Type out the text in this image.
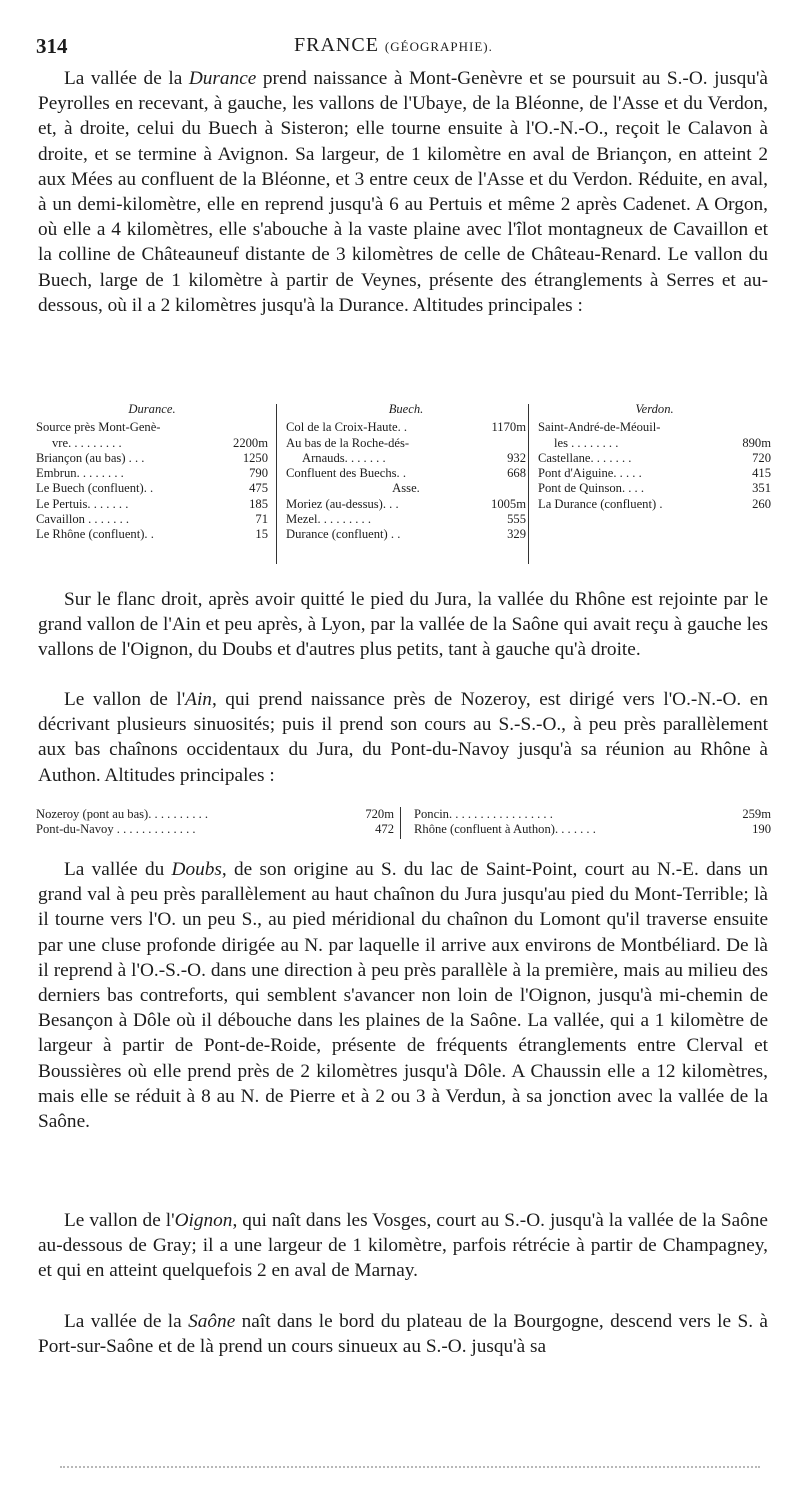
314	FRANCE (GÉOGRAPHIE).

La vallée de la Durance prend naissance à Mont-Genèvre et se poursuit au S.-O. jusqu'à Peyrolles en recevant, à gauche, les vallons de l'Ubaye, de la Bléonne, de l'Asse et du Verdon, et, à droite, celui du Buech à Sisteron; elle tourne ensuite à l'O.-N.-O., reçoit le Calavon à droite, et se termine à Avignon. Sa largeur, de 1 kilomètre en aval de Briançon, en atteint 2 aux Mées au confluent de la Bléonne, et 3 entre ceux de l'Asse et du Verdon. Réduite, en aval, à un demi-kilomètre, elle en reprend jusqu'à 6 au Pertuis et même 2 après Cadenet. A Orgon, où elle a 4 kilomètres, elle s'abouche à la vaste plaine avec l'îlot montagneux de Cavaillon et la colline de Châteauneuf distante de 3 kilomètres de celle de Château-Renard. Le vallon du Buech, large de 1 kilomètre à partir de Veynes, présente des étranglements à Serres et au-dessous, où il a 2 kilomètres jusqu'à la Durance. Altitudes principales :

Durance.
Source près Mont-Genè-
vre. . . . . . . . .	2200m
Briançon (au bas) . . .	1250
Embrun. . . . . . . .	790
Le Buech (confluent). .	475
Le Pertuis. . . . . . .	185
Cavaillon . . . . . . .	71
Le Rhône (confluent). .	15
Buech.
Col de la Croix-Haute. .	1170m
Au bas de la Roche-dés-
Arnauds. . . . . . .	932
Confluent des Buechs. .	668
Asse.
Moriez (au-dessus). . .	1005m
Mezel. . . . . . . . .	555
Durance (confluent) . .	329
Verdon.
Saint-André-de-Méouil-
les . . . . . . . .	890m
Castellane. . . . . . .	720
Pont d'Aiguine. . . . .	415
Pont de Quinson. . . .	351
La Durance (confluent) .	260

Sur le flanc droit, après avoir quitté le pied du Jura, la vallée du Rhône est rejointe par le grand vallon de l'Ain et peu après, à Lyon, par la vallée de la Saône qui avait reçu à gauche les vallons de l'Oignon, du Doubs et d'autres plus petits, tant à gauche qu'à droite.

Le vallon de l'Ain, qui prend naissance près de Nozeroy, est dirigé vers l'O.-N.-O. en décrivant plusieurs sinuosités; puis il prend son cours au S.-S.-O., à peu près parallèlement aux bas chaînons occidentaux du Jura, du Pont-du-Navoy jusqu'à sa réunion au Rhône à Authon. Altitudes principales :

Nozeroy (pont au bas). . . . . . . . . .	720m
Pont-du-Navoy . . . . . . . . . . . . .	472
Poncin. . . . . . . . . . . . . . . . .	259m
Rhône (confluent à Authon). . . . . . .	190

La vallée du Doubs, de son origine au S. du lac de Saint-Point, court au N.-E. dans un grand val à peu près parallèlement au haut chaînon du Jura jusqu'au pied du Mont-Terrible; là il tourne vers l'O. un peu S., au pied méridional du chaînon du Lomont qu'il traverse ensuite par une cluse profonde dirigée au N. par laquelle il arrive aux environs de Montbéliard. De là il reprend à l'O.-S.-O. dans une direction à peu près parallèle à la première, mais au milieu des derniers bas contreforts, qui semblent s'avancer non loin de l'Oignon, jusqu'à mi-chemin de Besançon à Dôle où il débouche dans les plaines de la Saône. La vallée, qui a 1 kilomètre de largeur à partir de Pont-de-Roide, présente de fréquents étranglements entre Clerval et Boussières où elle prend près de 2 kilomètres jusqu'à Dôle. A Chaussin elle a 12 kilomètres, mais elle se réduit à 8 au N. de Pierre et à 2 ou 3 à Verdun, à sa jonction avec la vallée de la Saône.

Le vallon de l'Oignon, qui naît dans les Vosges, court au S.-O. jusqu'à la vallée de la Saône au-dessous de Gray; il a une largeur de 1 kilomètre, parfois rétrécie à partir de Champagney, et qui en atteint quelquefois 2 en aval de Marnay.

La vallée de la Saône naît dans le bord du plateau de la Bourgogne, descend vers le S. à Port-sur-Saône et de là prend un cours sinueux au S.-O. jusqu'à sa
